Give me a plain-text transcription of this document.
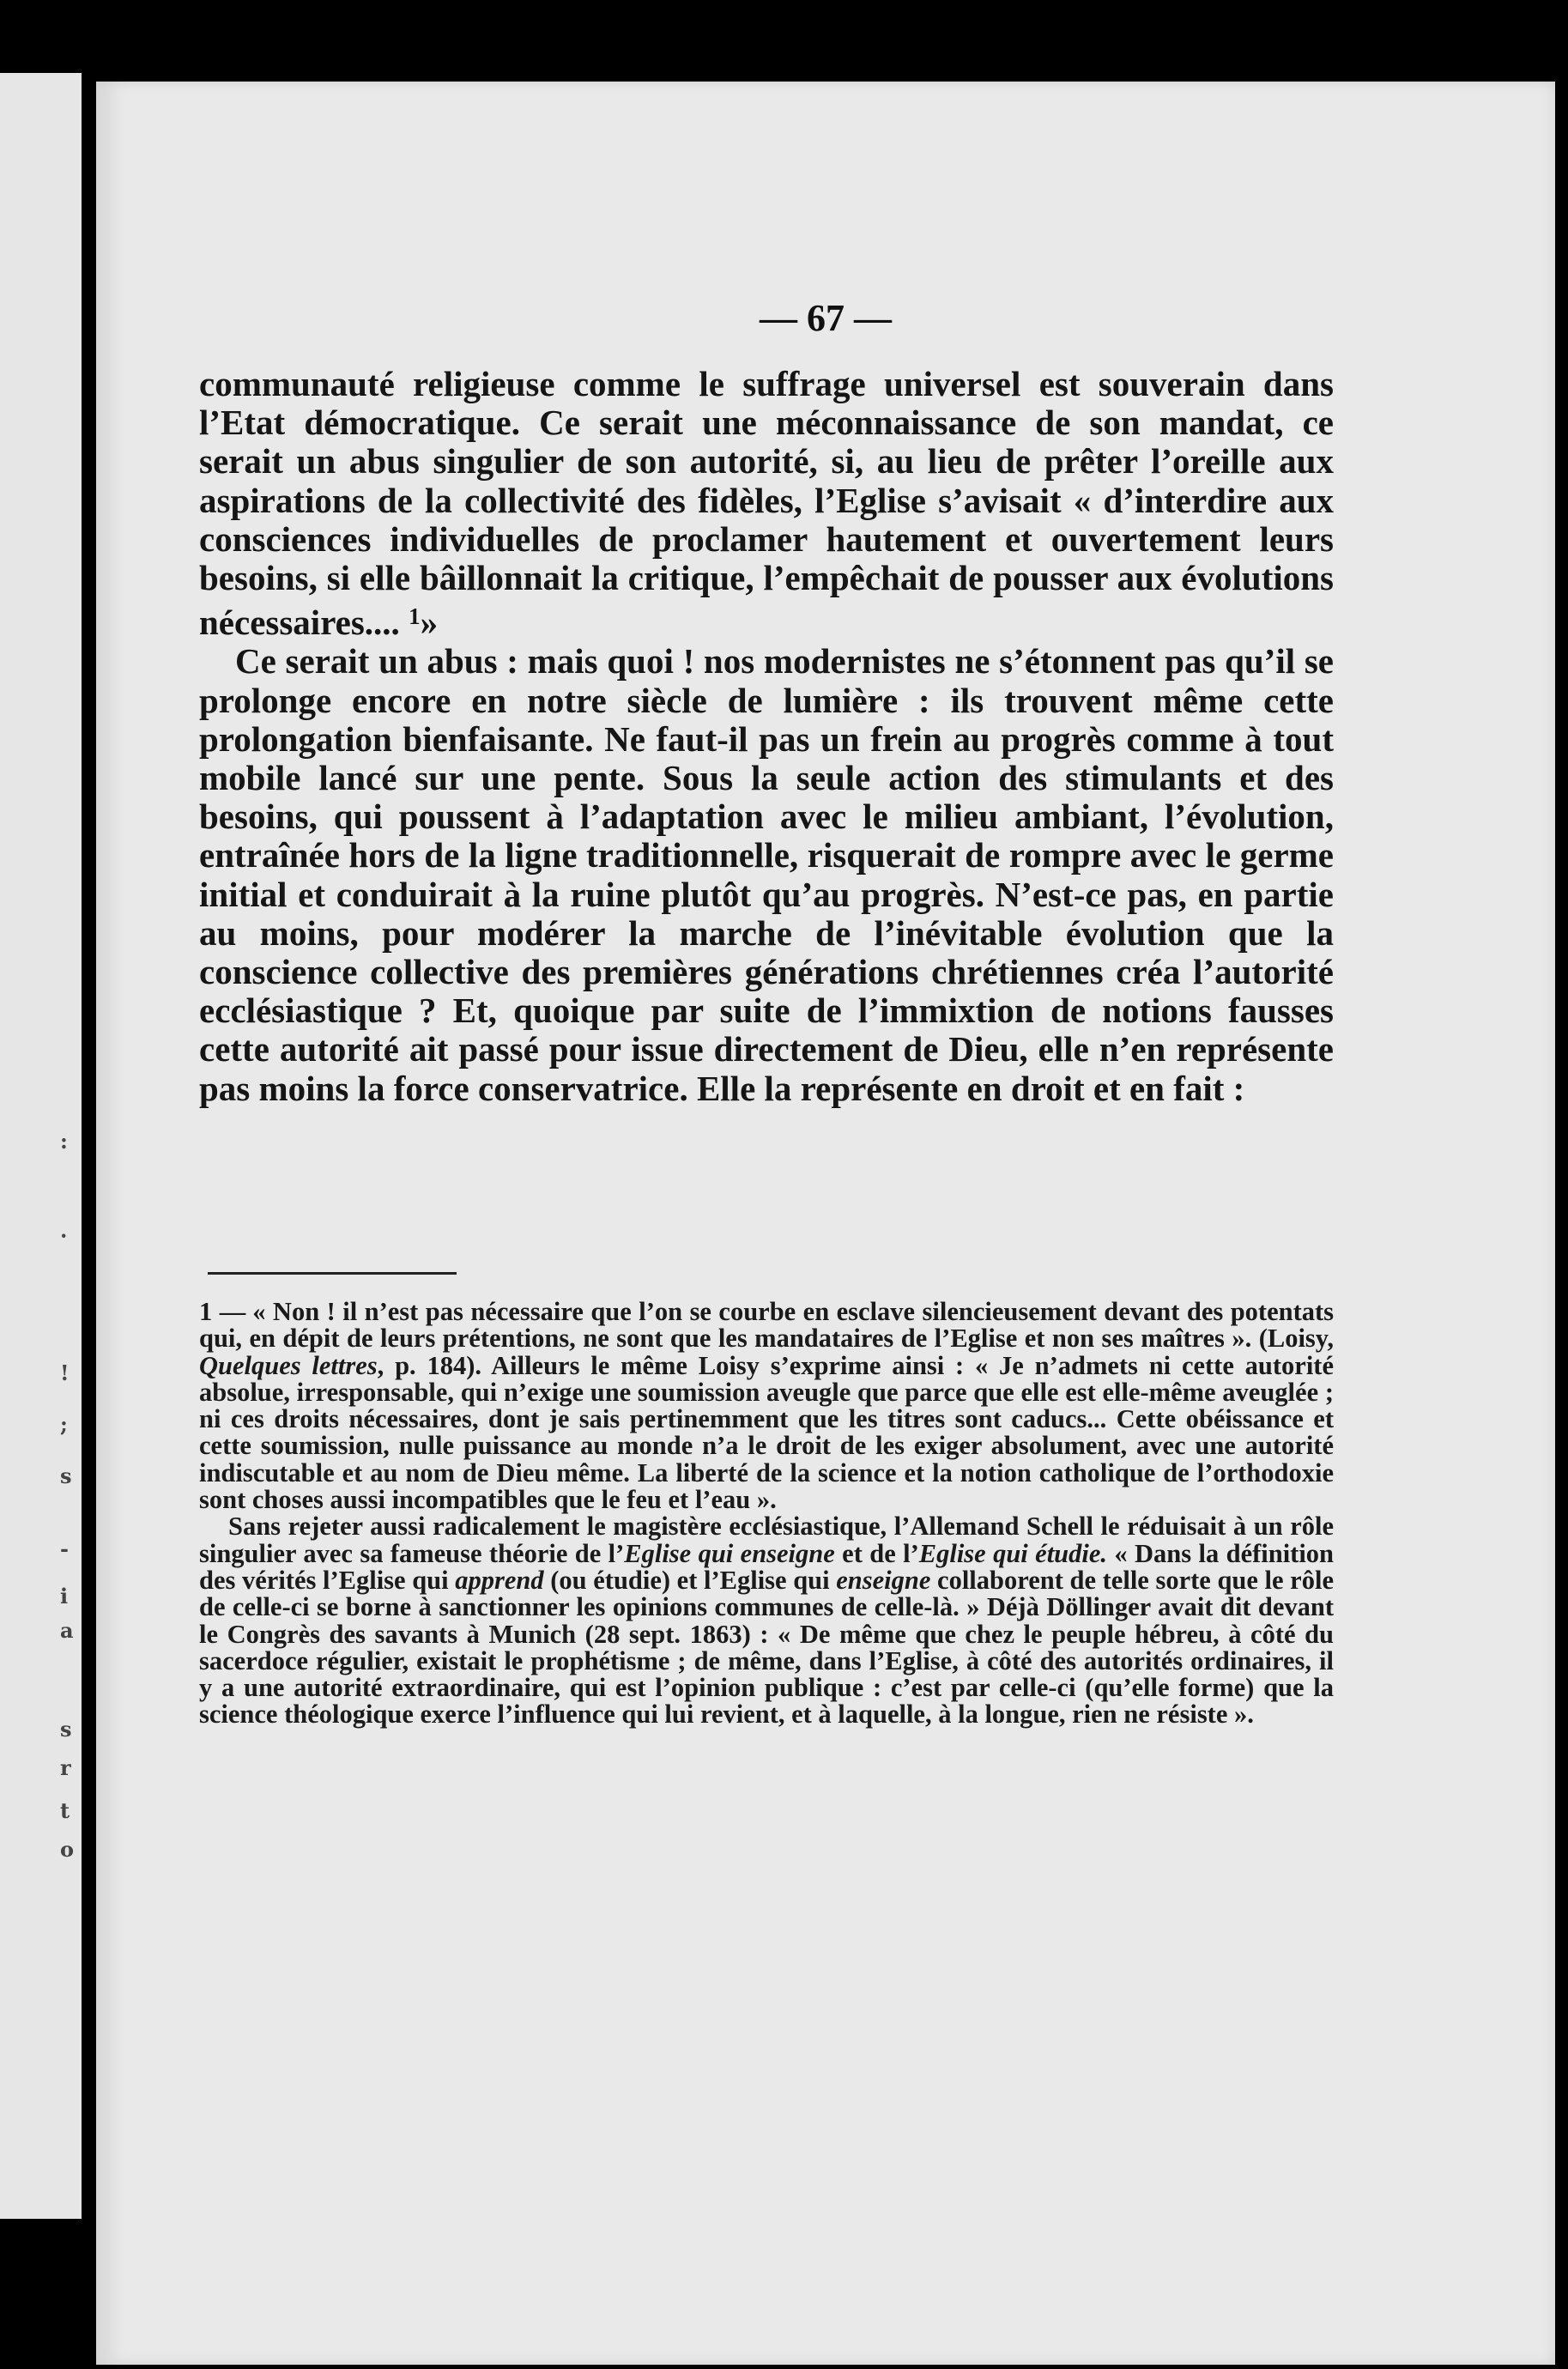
:
·
!
;
s
-
i
a
s
r
t
o
— 67 —

communauté religieuse comme le suffrage universel est souverain dans l’Etat démocratique. Ce serait une méconnaissance de son mandat, ce serait un abus singulier de son autorité, si, au lieu de prêter l’oreille aux aspirations de la collectivité des fidèles, l’Eglise s’avisait « d’interdire aux consciences individuelles de proclamer hautement et ouvertement leurs besoins, si elle bâillonnait la critique, l’empêchait de pousser aux évolutions nécessaires.... $^1$»

Ce serait un abus : mais quoi ! nos modernistes ne s’étonnent pas qu’il se prolonge encore en notre siècle de lumière : ils trouvent même cette prolongation bienfaisante. Ne faut-il pas un frein au progrès comme à tout mobile lancé sur une pente. Sous la seule action des stimulants et des besoins, qui poussent à l’adaptation avec le milieu ambiant, l’évolution, entraînée hors de la ligne traditionnelle, risquerait de rompre avec le germe initial et conduirait à la ruine plutôt qu’au progrès. N’est-ce pas, en partie au moins, pour modérer la marche de l’inévitable évolution que la conscience collective des premières générations chrétiennes créa l’autorité ecclésiastique ? Et, quoique par suite de l’immixtion de notions fausses cette autorité ait passé pour issue directement de Dieu, elle n’en représente pas moins la force conservatrice. Elle la représente en droit et en fait :

1 — « Non ! il n’est pas nécessaire que l’on se courbe en esclave silencieusement devant des potentats qui, en dépit de leurs prétentions, ne sont que les mandataires de l’Eglise et non ses maîtres ». (Loisy, Quelques lettres, p. 184). Ailleurs le même Loisy s’exprime ainsi : « Je n’admets ni cette autorité absolue, irresponsable, qui n’exige une soumission aveugle que parce que elle est elle-même aveuglée ; ni ces droits nécessaires, dont je sais pertinemment que les titres sont caducs... Cette obéissance et cette soumission, nulle puissance au monde n’a le droit de les exiger absolument, avec une autorité indiscutable et au nom de Dieu même. La liberté de la science et la notion catholique de l’orthodoxie sont choses aussi incompatibles que le feu et l’eau ».

Sans rejeter aussi radicalement le magistère ecclésiastique, l’Allemand Schell le réduisait à un rôle singulier avec sa fameuse théorie de l’Eglise qui enseigne et de l’Eglise qui étudie. « Dans la définition des vérités l’Eglise qui apprend (ou étudie) et l’Eglise qui enseigne collaborent de telle sorte que le rôle de celle-ci se borne à sanctionner les opinions communes de celle-là. » Déjà Döllinger avait dit devant le Congrès des savants à Munich (28 sept. 1863) : « De même que chez le peuple hébreu, à côté du sacerdoce régulier, existait le prophétisme ; de même, dans l’Eglise, à côté des autorités ordinaires, il y a une autorité extraordinaire, qui est l’opinion publique : c’est par celle-ci (qu’elle forme) que la science théologique exerce l’influence qui lui revient, et à laquelle, à la longue, rien ne résiste ».
